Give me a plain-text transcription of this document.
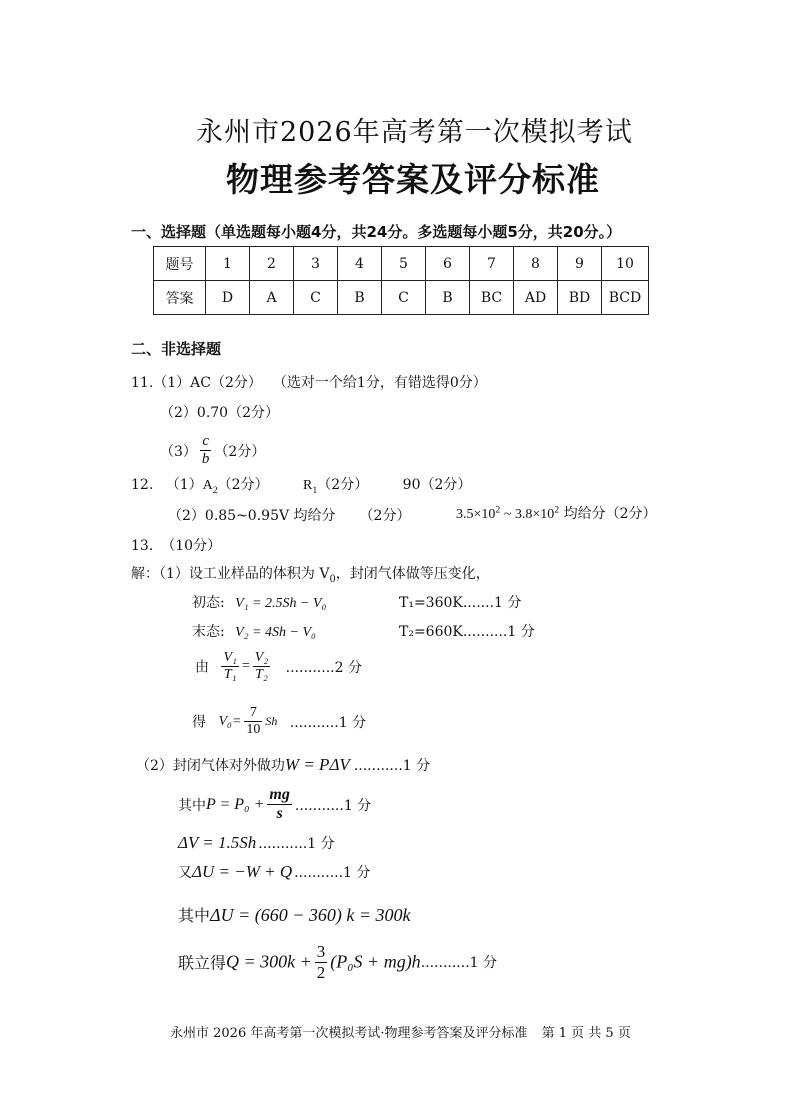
永州市2026年高考第一次模拟考试
物理参考答案及评分标准
一、选择题（单选题每小题4分，共24分。多选题每小题5分，共20分。）
题号	1	2	3	4	5	6	7	8	9	10
答案	D	A	C	B	C	B	BC	AD	BD	BCD
二、非选择题
11.（1）AC（2分） （选对一个给1分，有错选得0分）
（2）0.70（2分）
$(3) \frac{c}{b} (2$分）
12. $(1)A_2(2$分） $R_1(2$分） 90（2分）
（2）0.85~0.95V 均给分 （2分）	$3.5\times 10^2$ ~ $3.8\times 10^2$ 均给分（2分）
13. （10分）
解：（1）设工业样品的体积为 $V_0$，封闭气体做等压变化，
初态: V₁ = 2.5Sh − V₀	T₁=360K.......1 分
末态: V₂ = 4Sh − V₀	T₂=660K..........1 分
由 $\frac{\text{V₁}}{\text{T₁}} = \frac{\text{V₂}}{\text{T₂}} ...........2$ 分
得 $V_0= \frac{7}{10}$ Sh ...........1 分
（2）封闭气体对外做功W = PΔV ...........1 分
其中$P = P_0 + \frac{mg}{s} ...........1$ 分
ΔV = 1.5Sh ...........1 分
又ΔU = −W + Q ...........1 分
其中ΔU = (660 − 360) k = 300k
联立得$Q = 300k + \frac{3}{2} (P_0S + mg)h...........1$ 分
永州市 2026 年高考第一次模拟考试·物理参考答案及评分标准 第 1 页 共 5 页
